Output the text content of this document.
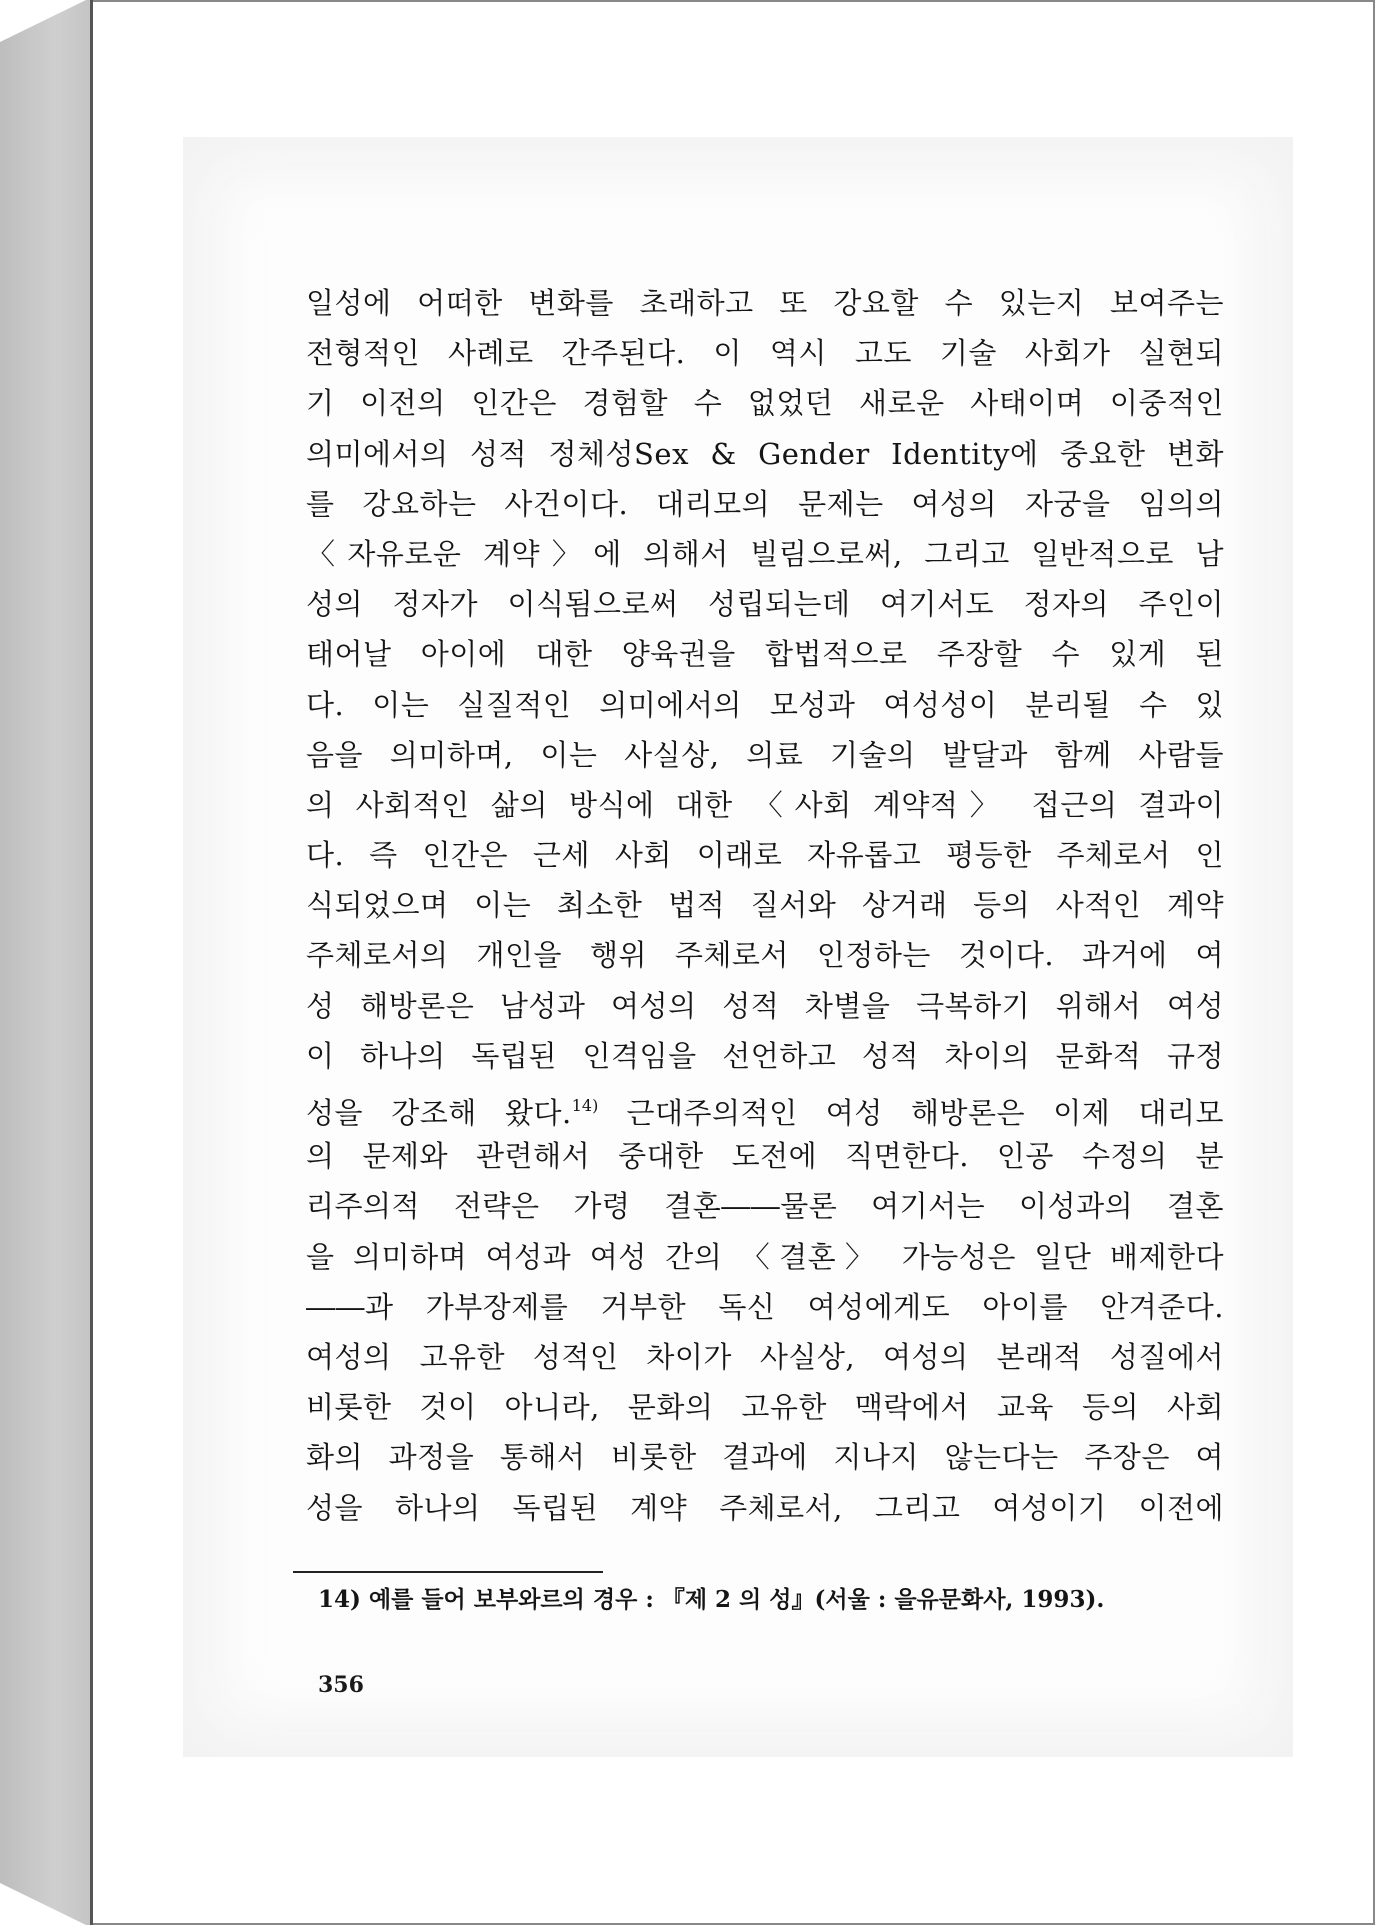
일성에 어떠한 변화를 초래하고 또 강요할 수 있는지 보여주는
전형적인 사례로 간주된다. 이 역시 고도 기술 사회가 실현되
기 이전의 인간은 경험할 수 없었던 새로운 사태이며 이중적인
의미에서의 성적 정체성Sex & Gender Identity에 중요한 변화
를 강요하는 사건이다. 대리모의 문제는 여성의 자궁을 임의의
〈자유로운 계약〉에 의해서 빌림으로써, 그리고 일반적으로 남
성의 정자가 이식됨으로써 성립되는데 여기서도 정자의 주인이
태어날 아이에 대한 양육권을 합법적으로 주장할 수 있게 된
다. 이는 실질적인 의미에서의 모성과 여성성이 분리될 수 있
음을 의미하며, 이는 사실상, 의료 기술의 발달과 함께 사람들
의 사회적인 삶의 방식에 대한 〈사회 계약적〉 접근의 결과이
다. 즉 인간은 근세 사회 이래로 자유롭고 평등한 주체로서 인
식되었으며 이는 최소한 법적 질서와 상거래 등의 사적인 계약
주체로서의 개인을 행위 주체로서 인정하는 것이다. 과거에 여
성 해방론은 남성과 여성의 성적 차별을 극복하기 위해서 여성
이 하나의 독립된 인격임을 선언하고 성적 차이의 문화적 규정
성을 강조해 왔다.$^{14)}$ 근대주의적인 여성 해방론은 이제 대리모
의 문제와 관련해서 중대한 도전에 직면한다. 인공 수정의 분
리주의적 전략은 가령 결혼――물론 여기서는 이성과의 결혼
을 의미하며 여성과 여성 간의 〈결혼〉 가능성은 일단 배제한다
――과 가부장제를 거부한 독신 여성에게도 아이를 안겨준다.
여성의 고유한 성적인 차이가 사실상, 여성의 본래적 성질에서
비롯한 것이 아니라, 문화의 고유한 맥락에서 교육 등의 사회
화의 과정을 통해서 비롯한 결과에 지나지 않는다는 주장은 여
성을 하나의 독립된 계약 주체로서, 그리고 여성이기 이전에
14) 예를 들어 보부와르의 경우 : 『제 2 의 성』(서울 : 을유문화사, 1993).
356
